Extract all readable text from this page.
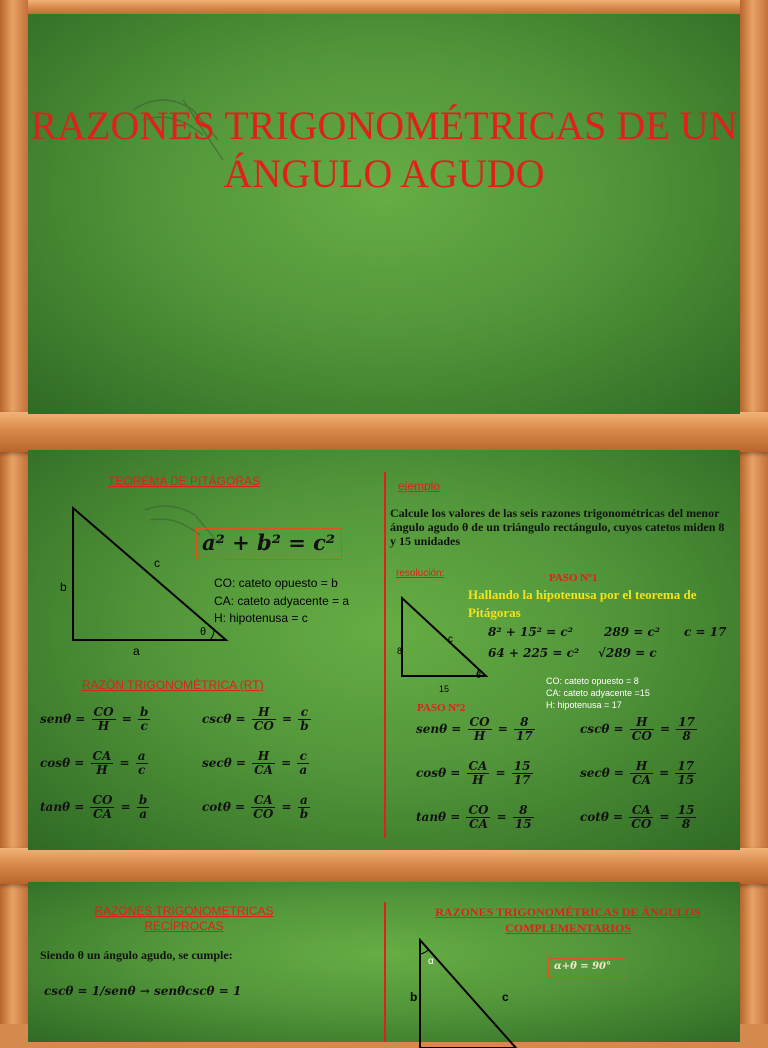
RAZONES TRIGONOMÉTRICAS DE UN ÁNGULO AGUDO
TEOREMA DE PITÁGORAS
b
c
a
θ
a² + b² = c²
CO: cateto opuesto = b
CA: cateto adyacente = a
H: hipotenusa = c
RAZÓN TRIGONOMÉTRICA (RT)
$sen\theta = \frac{CO}{H} = \frac{b}{c}$	$\csc\theta = \frac{H}{CO} = \frac{c}{b}$
$\cos\theta = \frac{CA}{H} = \frac{a}{c}$	$\sec\theta = \frac{H}{CA} = \frac{c}{a}$
$\tan\theta = \frac{CO}{CA} = \frac{b}{a}$	$\cot\theta = \frac{CA}{CO} = \frac{a}{b}$
ejemplo
Calcule los valores de las seis razones trigonométricas del menor ángulo agudo θ de un triángulo rectángulo, cuyos catetos miden 8 y 15 unidades
resolución:	PASO Nº1
Hallando la hipotenusa por el teorema de Pitágoras
8² + 15² = c²	289 = c² c = 17
64 + 225 = c² √289 = c
8
c
15
θ
CO: cateto opuesto = 8
CA: cateto adyacente =15
H: hipotenusa = 17
PASO Nº2
$sen\theta = \frac{CO}{H} = \frac{8}{17}$	$\csc\theta = \frac{H}{CO} = \frac{17}{8}$
$\cos\theta = \frac{CA}{H} = \frac{15}{17}$	$\sec\theta = \frac{H}{CA} = \frac{17}{15}$
$\tan\theta = \frac{CO}{CA} = \frac{8}{15}$	$\cot\theta = \frac{CA}{CO} = \frac{15}{8}$
RAZONES TRIGONOMETRICAS RECÍPROCAS
Siendo θ un ángulo agudo, se cumple:
cscθ = 1/senθ → senθcscθ = 1
RAZONES TRIGONOMÉTRICAS DE ÁNGULOS COMPLEMENTARIOS
α
b	c
α+θ = 90°
